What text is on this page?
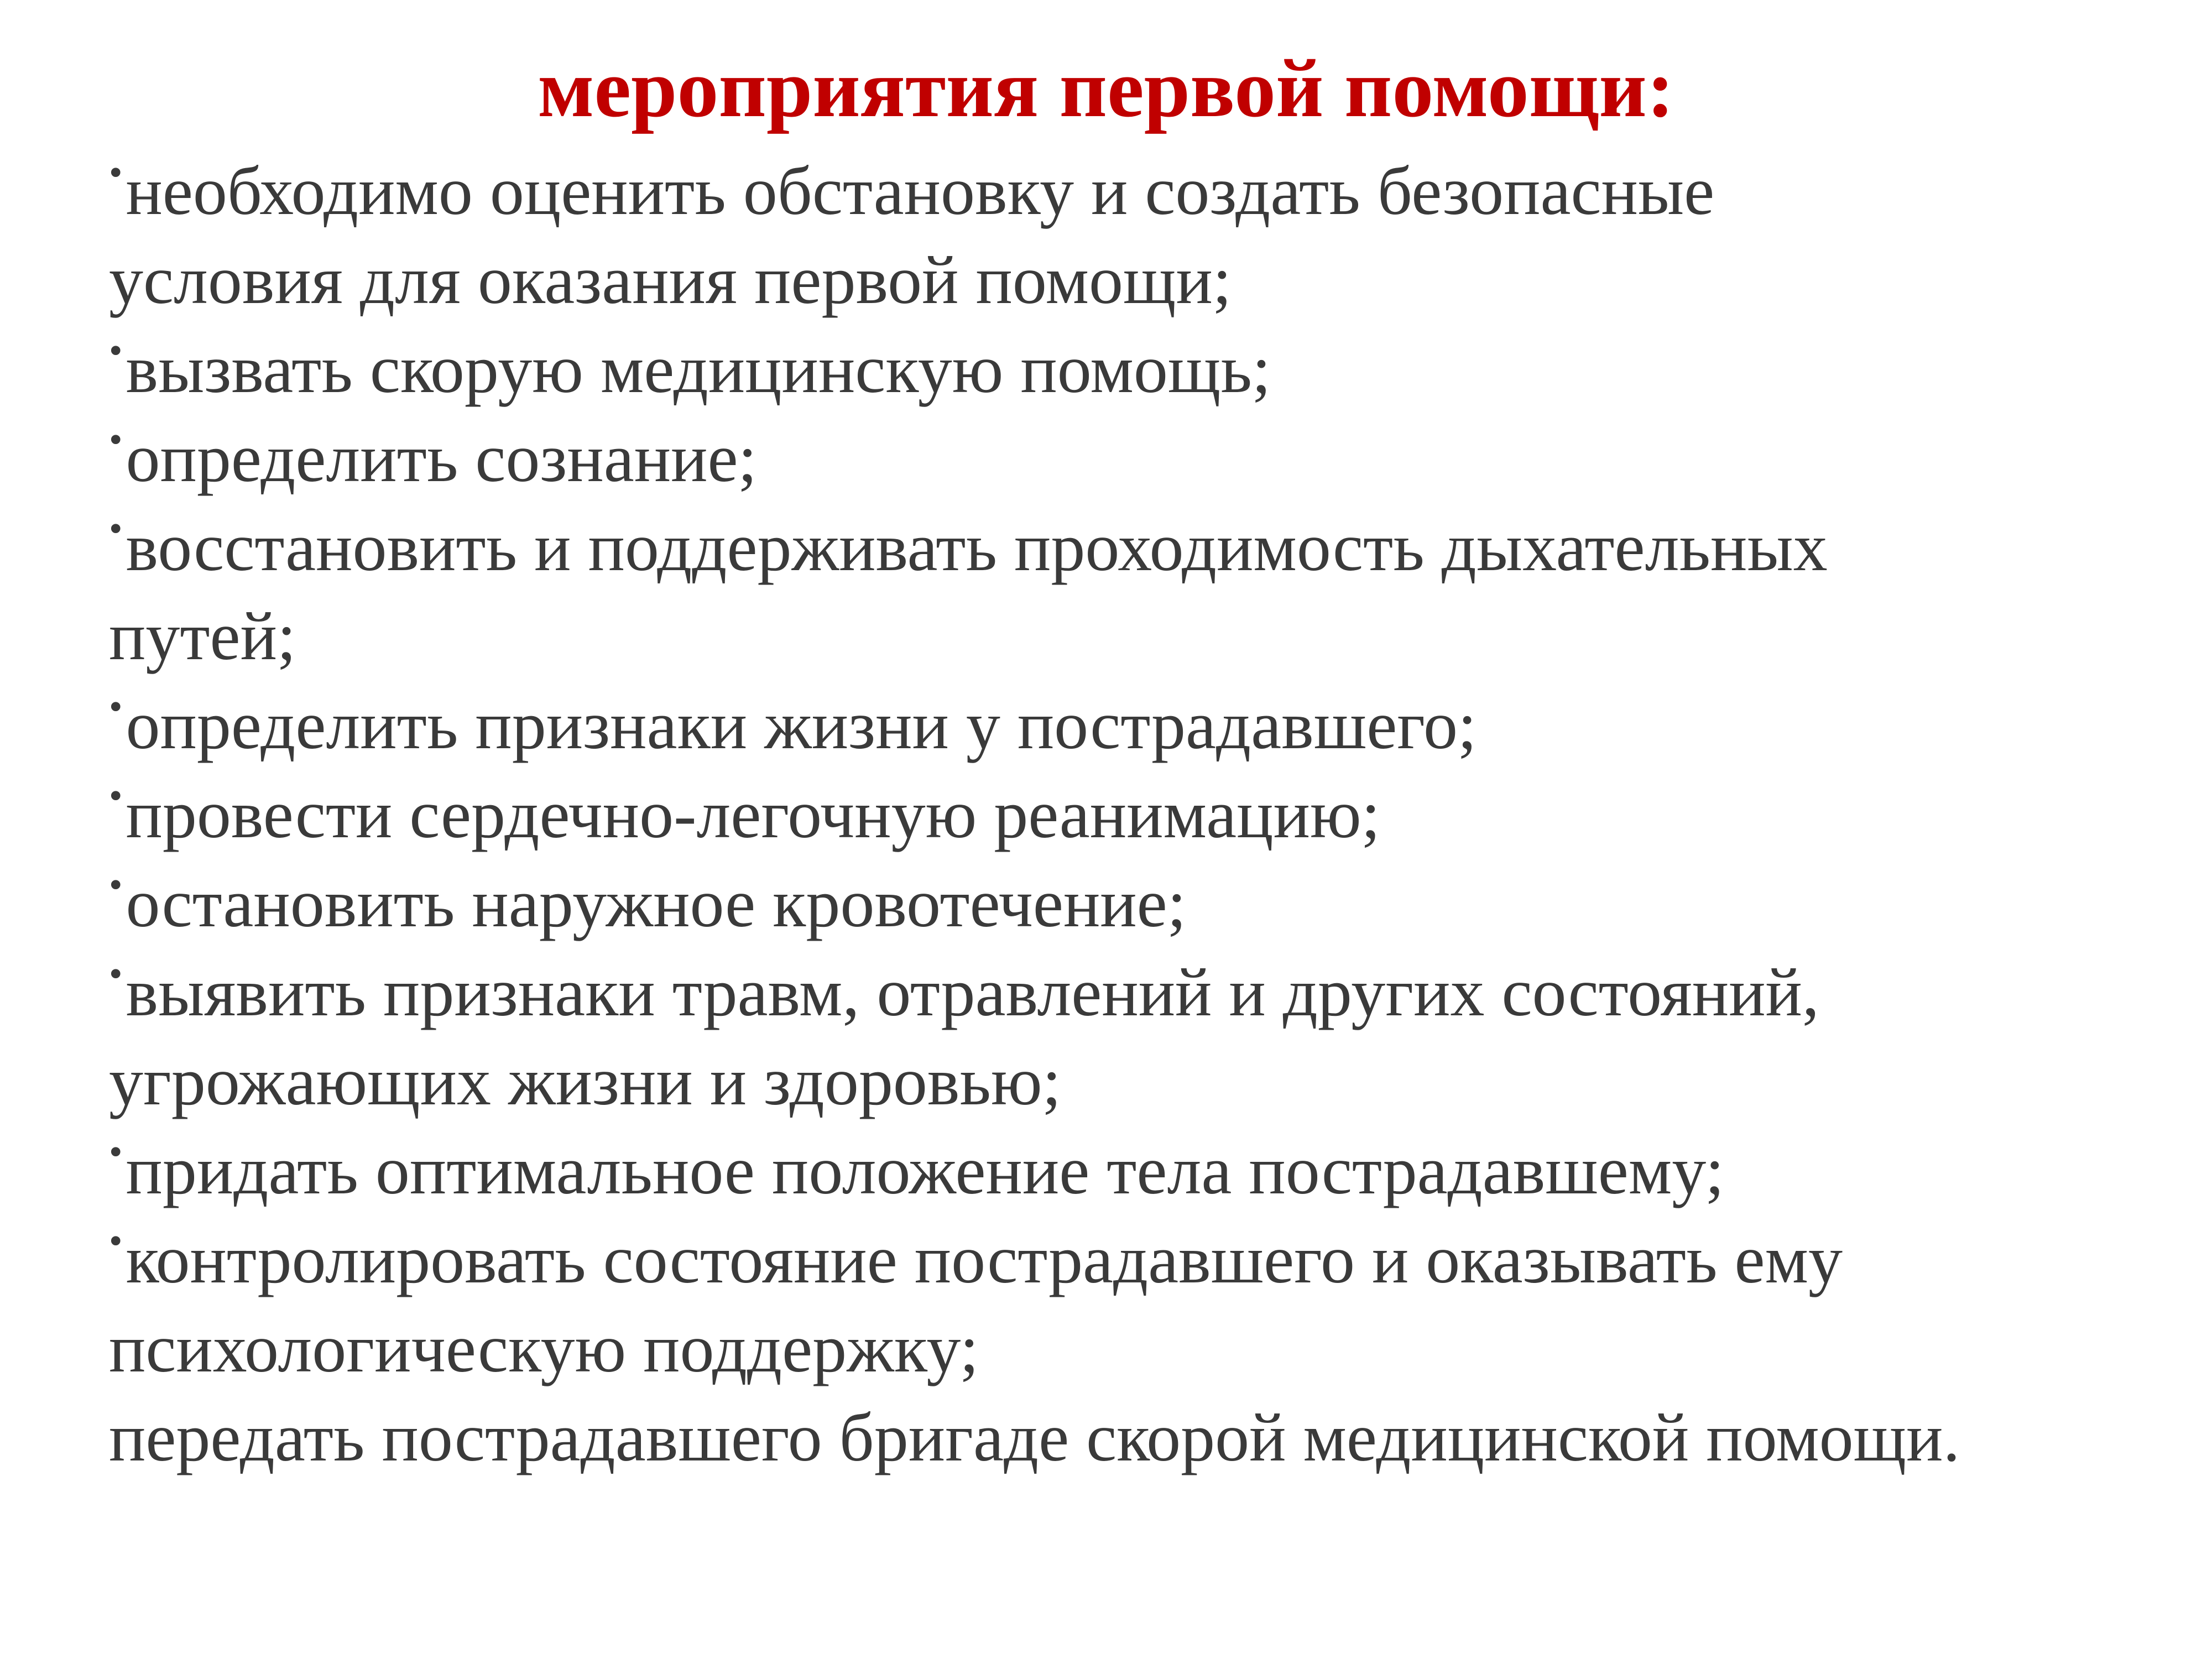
мероприятия первой помощи:
•необходимо оценить обстановку и создать безопасные
условия для оказания первой помощи;
•вызвать скорую медицинскую помощь;
•определить сознание;
•восстановить и поддерживать проходимость дыхательных
путей;
•определить признаки жизни у пострадавшего;
•провести сердечно-легочную реанимацию;
•остановить наружное кровотечение;
•выявить признаки травм, отравлений и других состояний,
угрожающих жизни и здоровью;
•придать оптимальное положение тела пострадавшему;
•контролировать состояние пострадавшего и оказывать ему
психологическую поддержку;
передать пострадавшего бригаде скорой медицинской помощи.
